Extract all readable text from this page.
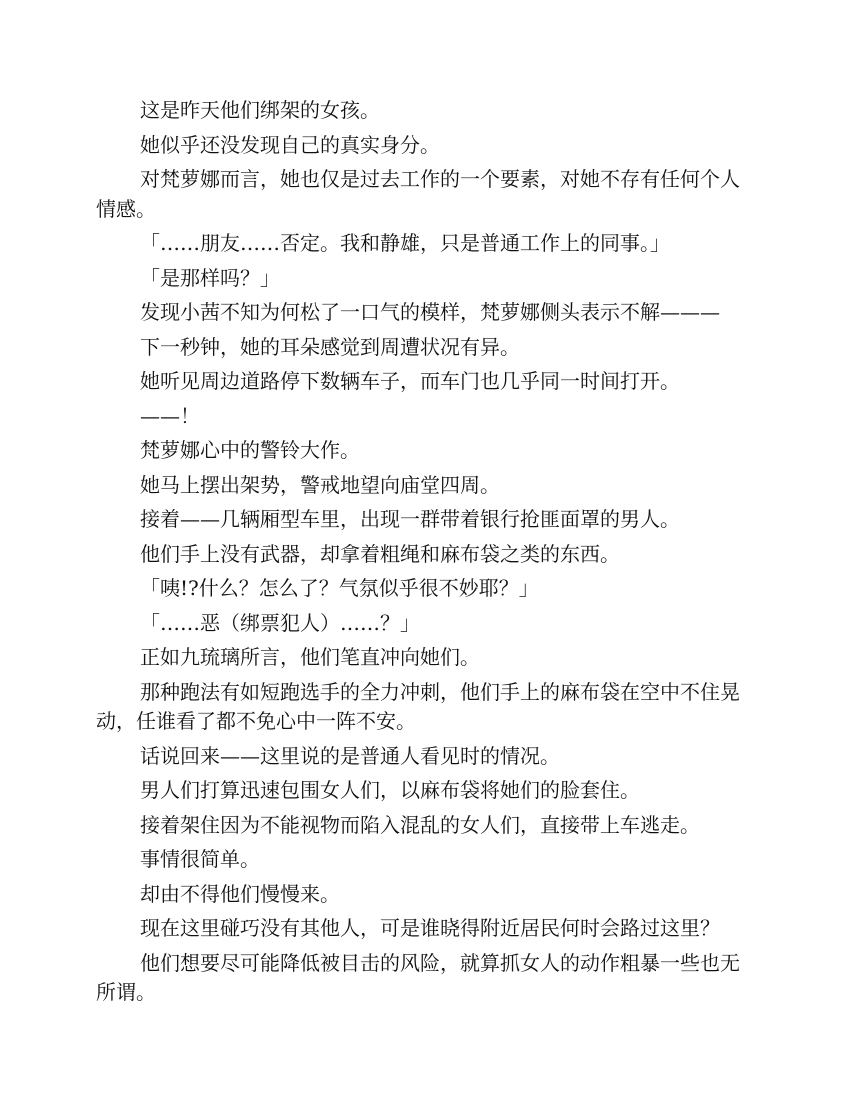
这是昨天他们绑架的女孩。

她似乎还没发现自己的真实身分。

对梵萝娜而言，她也仅是过去工作的一个要素，对她不存有任何个人情感。

「……朋友……否定。我和静雄，只是普通工作上的同事。」

「是那样吗？」

发现小茜不知为何松了一口气的模样，梵萝娜侧头表示不解———

下一秒钟，她的耳朵感觉到周遭状况有异。

她听见周边道路停下数辆车子，而车门也几乎同一时间打开。

——！

梵萝娜心中的警铃大作。

她马上摆出架势，警戒地望向庙堂四周。

接着——几辆厢型车里，出现一群带着银行抢匪面罩的男人。

他们手上没有武器，却拿着粗绳和麻布袋之类的东西。

「咦!?什么？怎么了？气氛似乎很不妙耶？」

「……恶（绑票犯人）……？」

正如九琉璃所言，他们笔直冲向她们。

那种跑法有如短跑选手的全力冲刺，他们手上的麻布袋在空中不住晃动，任谁看了都不免心中一阵不安。

话说回来——这里说的是普通人看见时的情况。

男人们打算迅速包围女人们，以麻布袋将她们的脸套住。

接着架住因为不能视物而陷入混乱的女人们，直接带上车逃走。

事情很简单。

却由不得他们慢慢来。

现在这里碰巧没有其他人，可是谁晓得附近居民何时会路过这里？

他们想要尽可能降低被目击的风险，就算抓女人的动作粗暴一些也无所谓。
